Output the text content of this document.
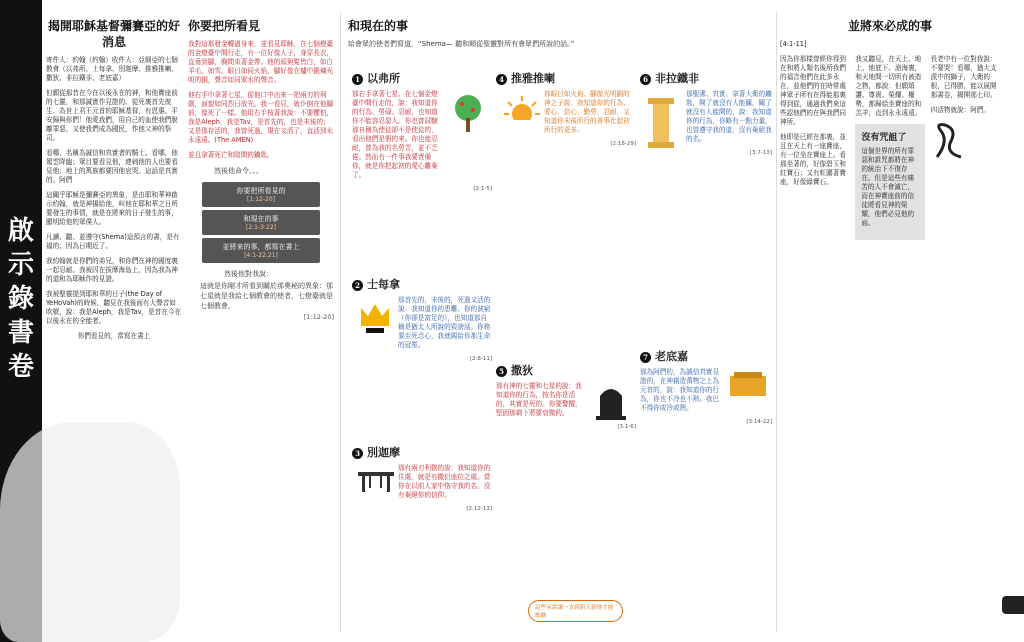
啟示錄書卷
揭開耶穌基督彌賽亞的好消息
寄件人：約翰（約翰）收件人：亞細亞的七個教會（以弗所、士每拿、別迦摩、推雅推喇、撒狄、非拉鐵非、老底嘉）
但願從那昔在今在以後永在的神，和他寶座前的七靈，和那誠實作見證的、從死裏首先復生、為世上君王元首的耶穌基督，有恩惠、平安歸與你們！他愛我們，用自己的血使我們脫離罪惡，又使我們成為國民，作他父神的祭司。
看哪，名稱為誠信和真實者的騎士。看哪，他駕雲降臨；眾目要看見他，連刺他的人也要看見他；地上的萬族都要因他哀哭。這話是真實的。阿們
這關乎耶穌是彌賽亞的異象，是由耶和華神啟示約翰，就是神揚給他，叫他在耶和華之日所要發生的事情，就是在將來的日子發生的事，顯明給他的眾僕人。
凡讀、聽、並遵守(Shema)這預言的書，是有福的；因為日期近了。
我約翰就是你們的弟兄，和你們在神的國度裏一起忍耐。我被囚在拔摩海島上，因為我為神的道和為耶穌作的見證。
我被聖靈提到耶和華的日子(the Day of YeHoVah)的時候，聽見在我後面有大聲音如吹號，說：我是Aleph，我是Tav，是昔在今在以後永在的全能者。
你們看見的，當寫在書上
你要把所看見
我對這那發金轉過身來，並看見耶穌，在七個燈臺的金燈臺中間行走，有一位好像人子，身穿長衣，直垂到腳，胸間束著金帶。他的頭與髮皆白，如白羊毛，如雪。眼目如同火焰，腳好像在爐中鍛煉光明的銅，聲音如同眾水的聲音。
他右手中拿著七星，從他口中出來一把兩刃的利劍，面貌如同烈日放光。我一看見，就仆倒在他腳前，像死了一樣。他用右手按著我說：不要懼怕，我是Aleph，我是Tav，是首先的，也是末後的；又是那存活的，我曾死過，現在又活了，直活到永永遠遠。(The AMEN)
並且拿著死亡和陰間的鑰匙。
然後他命令。。。
你要把所看見的
[1:12-20]
和現在的事
[2:1-3:22]
並將來的事，都寫在書上
[4:1-22:21]
然後他對我說：
這就是你剛才所看到關於那奧秘的異象：那七星就是我給七個教會的使者，七燈臺就是七個教會。
[1:12-20]
和現在的事
給會眾的使者們寫道，“Shema— 聽和順從聖靈對所有會眾們所說的話。”
1 以弗所
那右手拿著七星、在七個金燈臺中間行走的，說：我知道你的行為、勞碌、忍耐，也知道你不能容忍惡人。你也曾試驗那自稱為使徒卻不是使徒的，看出他們是假的來。你也能忍耐，曾為我的名勞苦，並不乏倦。然而有一件事我要責備你，就是你把起初的愛心離棄了。
[2:1-5]
2 士每拿
那首先的，末後的，死過又活的說：我知道你的患難、你的貧窮（你卻是富足的），也知道那自稱是猶太人所說的毀謗話。你務要至死忠心，我就賜給你那生命的冠冕。
[2:8-11]
3 別迦摩
那有兩刃利劍的說：我知道你的住處，就是有撒但座位之處。當你在以前人家中恪守我的名，沒有棄絕你的信仰。
[2:12-13]
4 推雅推喇
那眼目如火焰、腳像光明銅的神之子說：我知道你的行為、愛心、信心、勤勞、忍耐，又知道你末後所行的善事比起初所行的更多。
[2:18-29]
5 撒狄
那有神的七靈和七星的說：我知道你的行為，按名你是活的，其實是死的。你要警醒，堅固那剩下將要衰微的。
[3:1-6]
6 非拉鐵非
那聖潔、真實、拿著大衛的鑰匙，開了就沒有人能關，關了就沒有人能開的，說：我知道你的行為，你略有一點力量，也曾遵守我的道，沒有棄絕我的名。
[3:7-13]
7 老底嘉
那為阿們的，為誠信真實見證的，在神創造萬物之上為元首的，說：我知道你的行為，你也不冷也不熱。我巴不得你或冷或熱。
[3:14-22]
這些承諾讓一直到新天新地才能應驗
並將來必成的事
[4:1-11]
因為你那樣曾經你得到在和將人類名後所我們的福音他們在此多永在，並他們的在時常處神眾子所有在得能那裏得到從，通過我們來這些認他們的在與我們同神所。
他即是已經在那裏，並且在天上有一座寶座，有一位坐在寶座上。看那坐著的，好像碧玉和紅寶石；又有虹圍著寶座，好像綠寶石。
我又聽見，在天上、地上、地底下、滄海裏，和天地間一切所有被造之物，都說：但願頌讚、尊貴、榮耀、權勢，都歸給坐寶座的和羔羊，直到永永遠遠。
沒有咒詛了
這個世界的所有罪惡和詛咒都將在神的統治下不復存在。但是這些有痛苦的人不會滅亡，而在神寶座前的信徒將看見神的榮耀，他們必見他的面。
長老中有一位對我說：不要哭！看哪，猶大支派中的獅子，大衛的根，已得勝，能以展開那書卷，揭開那七印。
四活物就說：阿們。
